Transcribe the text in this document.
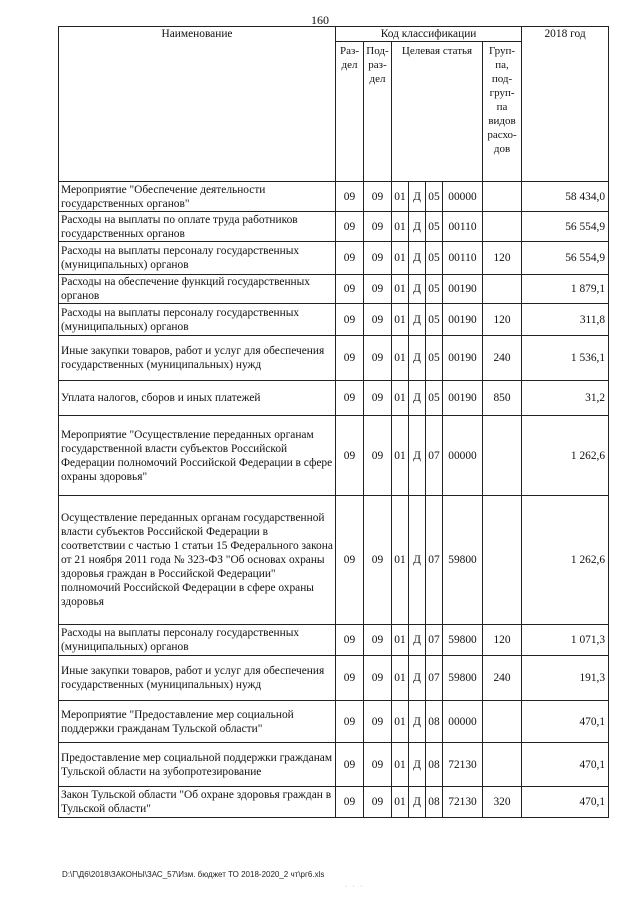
160
Наименование	Код классификации							2018 год
	Раз-дел	Под-раз-дел	Целевая статья				Груп-па, под-груп-па видов расхо-дов	
Мероприятие "Обеспечение деятельности государственных органов"	09	09	01	Д	05	00000		58 434,0
Расходы на выплаты по оплате труда работников государственных органов	09	09	01	Д	05	00110		56 554,9
Расходы на выплаты персоналу государственных (муниципальных) органов	09	09	01	Д	05	00110	120	56 554,9
Расходы на обеспечение функций государственных органов	09	09	01	Д	05	00190		1 879,1
Расходы на выплаты персоналу государственных (муниципальных) органов	09	09	01	Д	05	00190	120	311,8
Иные закупки товаров, работ и услуг для обеспечения государственных (муниципальных) нужд	09	09	01	Д	05	00190	240	1 536,1
Уплата налогов, сборов и иных платежей	09	09	01	Д	05	00190	850	31,2
Мероприятие "Осуществление переданных органам государственной власти субъектов Российской Федерации полномочий Российской Федерации в сфере охраны здоровья"	09	09	01	Д	07	00000		1 262,6
Осуществление переданных органам государственной власти субъектов Российской Федерации в соответствии с частью 1 статьи 15 Федерального закона от 21 ноября 2011 года № 323-ФЗ "Об основах охраны здоровья граждан в Российской Федерации" полномочий Российской Федерации в сфере охраны здоровья	09	09	01	Д	07	59800		1 262,6
Расходы на выплаты персоналу государственных (муниципальных) органов	09	09	01	Д	07	59800	120	1 071,3
Иные закупки товаров, работ и услуг для обеспечения государственных (муниципальных) нужд	09	09	01	Д	07	59800	240	191,3
Мероприятие "Предоставление мер социальной поддержки гражданам Тульской области"	09	09	01	Д	08	00000		470,1
Предоставление мер социальной поддержки гражданам Тульской области на зубопротезирование	09	09	01	Д	08	72130		470,1
Закон Тульской области "Об охране здоровья граждан в Тульской области"	09	09	01	Д	08	72130	320	470,1
D:\Г\Д6\2018\ЗАКОНЫ\ЗАС_57\Изм. бюджет ТО 2018-2020_2 чт\рг6.xls
· · ·
